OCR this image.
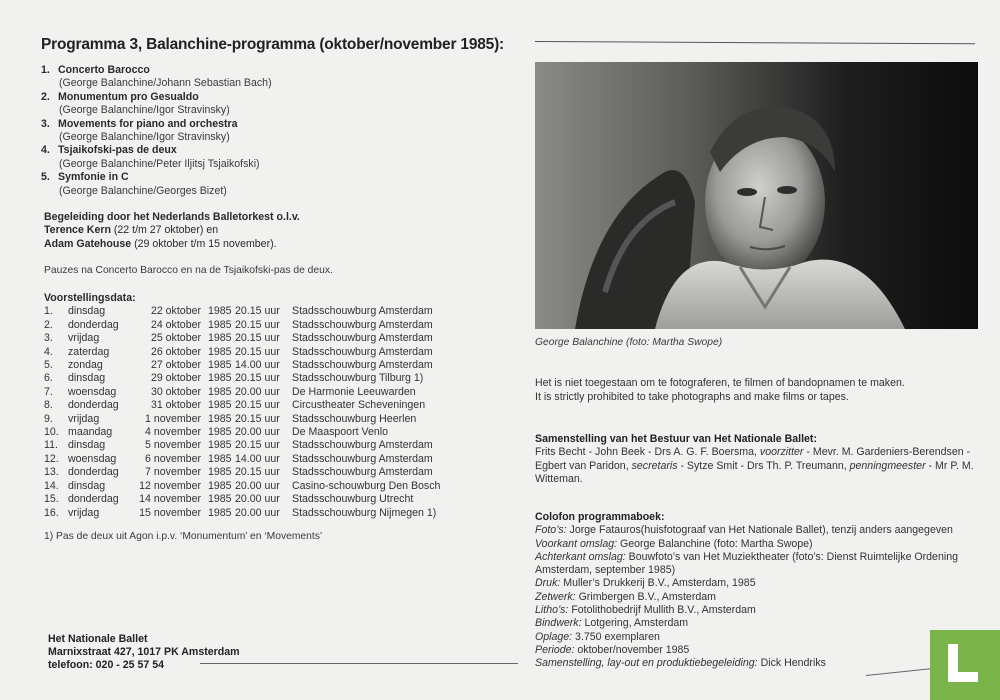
Programma 3, Balanchine-programma (oktober/november 1985):
1. Concerto Barocco
(George Balanchine/Johann Sebastian Bach)
2. Monumentum pro Gesualdo
(George Balanchine/Igor Stravinsky)
3. Movements for piano and orchestra
(George Balanchine/Igor Stravinsky)
4. Tsjaikofski-pas de deux
(George Balanchine/Peter Iljitsj Tsjaikofski)
5. Symfonie in C
(George Balanchine/Georges Bizet)
Begeleiding door het Nederlands Balletorkest o.l.v.
Terence Kern (22 t/m 27 oktober) en
Adam Gatehouse (29 oktober t/m 15 november).
Pauzes na Concerto Barocco en na de Tsjaikofski-pas de deux.
Voorstellingsdata:
1.	dinsdag	22 oktober 1985 20.15 uur	Stadsschouwburg Amsterdam
2.	donderdag	24 oktober 1985 20.15 uur	Stadsschouwburg Amsterdam
3.	vrijdag	25 oktober 1985 20.15 uur	Stadsschouwburg Amsterdam
4.	zaterdag	26 oktober 1985 20.15 uur	Stadsschouwburg Amsterdam
5.	zondag	27 oktober 1985 14.00 uur	Stadsschouwburg Amsterdam
6.	dinsdag	29 oktober 1985 20.15 uur	Stadsschouwburg Tilburg 1)
7.	woensdag	30 oktober 1985 20.00 uur	De Harmonie Leeuwarden
8.	donderdag	31 oktober 1985 20.15 uur	Circustheater Scheveningen
9.	vrijdag	1 november 1985 20.15 uur	Stadsschouwburg Heerlen
10. maandag	4 november 1985 20.00 uur	De Maaspoort Venlo
11. dinsdag	5 november 1985 20.15 uur	Stadsschouwburg Amsterdam
12. woensdag	6 november 1985 14.00 uur	Stadsschouwburg Amsterdam
13. donderdag	7 november 1985 20.15 uur	Stadsschouwburg Amsterdam
14. dinsdag	12 november 1985 20.00 uur	Casino-schouwburg Den Bosch
15. donderdag	14 november 1985 20.00 uur	Stadsschouwburg Utrecht
16. vrijdag	15 november 1985 20.00 uur	Stadsschouwburg Nijmegen 1)
1) Pas de deux uit Agon i.p.v. ‘Monumentum’ en ‘Movements’
Het Nationale Ballet
Marnixstraat 427, 1017 PK Amsterdam
telefoon: 020 - 25 57 54
George Balanchine (foto: Martha Swope)
Het is niet toegestaan om te fotograferen, te filmen of bandopnamen te maken.
It is strictly prohibited to take photographs and make films or tapes.
Samenstelling van het Bestuur van Het Nationale Ballet:
Frits Becht - John Beek - Drs A. G. F. Boersma, voorzitter - Mevr. M. Gardeniers-Berendsen - Egbert van Paridon, secretaris - Sytze Smit - Drs Th. P. Treumann, penningmeester - Mr P. M. Witteman.
Colofon programmaboek:
Foto’s: Jorge Fatauros(huisfotograaf van Het Nationale Ballet), tenzij anders aangegeven
Voorkant omslag: George Balanchine (foto: Martha Swope)
Achterkant omslag: Bouwfoto’s van Het Muziektheater (foto’s: Dienst Ruimtelijke Ordening Amsterdam, september 1985)
Druk: Muller’s Drukkerij B.V., Amsterdam, 1985
Zetwerk: Grimbergen B.V., Amsterdam
Litho’s: Fotolithobedrijf Mullith B.V., Amsterdam
Bindwerk: Lotgering, Amsterdam
Oplage: 3.750 exemplaren
Periode: oktober/november 1985
Samenstelling, lay-out en produktiebegeleiding: Dick Hendriks
